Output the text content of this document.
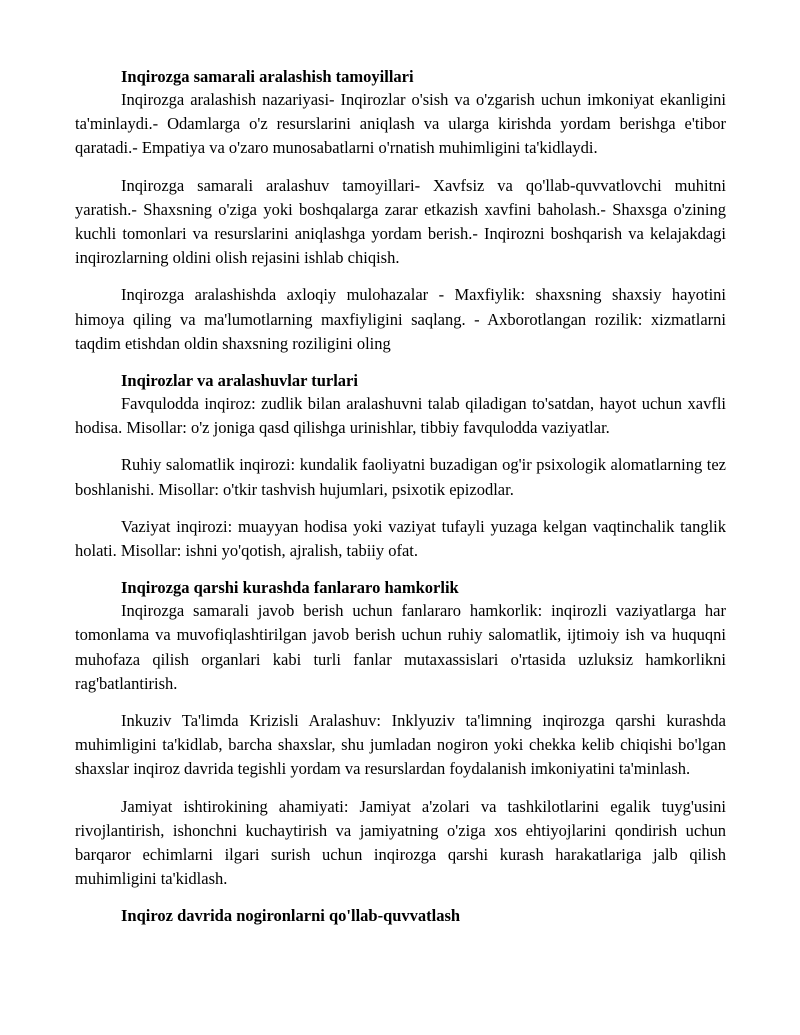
Inqirozga samarali aralashish tamoyillari

Inqirozga aralashish nazariyasi- Inqirozlar o'sish va o'zgarish uchun imkoniyat ekanligini ta'minlaydi.- Odamlarga o'z resurslarini aniqlash va ularga kirishda yordam berishga e'tibor qaratadi.- Empatiya va o'zaro munosabatlarni o'rnatish muhimligini ta'kidlaydi.

Inqirozga samarali aralashuv tamoyillari- Xavfsiz va qo'llab-quvvatlovchi muhitni yaratish.- Shaxsning o'ziga yoki boshqalarga zarar etkazish xavfini baholash.- Shaxsga o'zining kuchli tomonlari va resurslarini aniqlashga yordam berish.- Inqirozni boshqarish va kelajakdagi inqirozlarning oldini olish rejasini ishlab chiqish.

Inqirozga aralashishda axloqiy mulohazalar - Maxfiylik: shaxsning shaxsiy hayotini himoya qiling va ma'lumotlarning maxfiyligini saqlang. - Axborotlangan rozilik: xizmatlarni taqdim etishdan oldin shaxsning roziligini oling

Inqirozlar va aralashuvlar turlari

Favqulodda inqiroz: zudlik bilan aralashuvni talab qiladigan to'satdan, hayot uchun xavfli hodisa. Misollar: o'z joniga qasd qilishga urinishlar, tibbiy favqulodda vaziyatlar.

Ruhiy salomatlik inqirozi: kundalik faoliyatni buzadigan og'ir psixologik alomatlarning tez boshlanishi. Misollar: o'tkir tashvish hujumlari, psixotik epizodlar.

Vaziyat inqirozi: muayyan hodisa yoki vaziyat tufayli yuzaga kelgan vaqtinchalik tanglik holati. Misollar: ishni yo'qotish, ajralish, tabiiy ofat.

Inqirozga qarshi kurashda fanlararo hamkorlik

Inqirozga samarali javob berish uchun fanlararo hamkorlik: inqirozli vaziyatlarga har tomonlama va muvofiqlashtirilgan javob berish uchun ruhiy salomatlik, ijtimoiy ish va huquqni muhofaza qilish organlari kabi turli fanlar mutaxassislari o'rtasida uzluksiz hamkorlikni rag'batlantirish.

Inkuziv Ta'limda Krizisli Aralashuv: Inklyuziv ta'limning inqirozga qarshi kurashda muhimligini ta'kidlab, barcha shaxslar, shu jumladan nogiron yoki chekka kelib chiqishi bo'lgan shaxslar inqiroz davrida tegishli yordam va resurslardan foydalanish imkoniyatini ta'minlash.

Jamiyat ishtirokining ahamiyati: Jamiyat a'zolari va tashkilotlarini egalik tuyg'usini rivojlantirish, ishonchni kuchaytirish va jamiyatning o'ziga xos ehtiyojlarini qondirish uchun barqaror echimlarni ilgari surish uchun inqirozga qarshi kurash harakatlariga jalb qilish muhimligini ta'kidlash.

Inqiroz davrida nogironlarni qo'llab-quvvatlash
